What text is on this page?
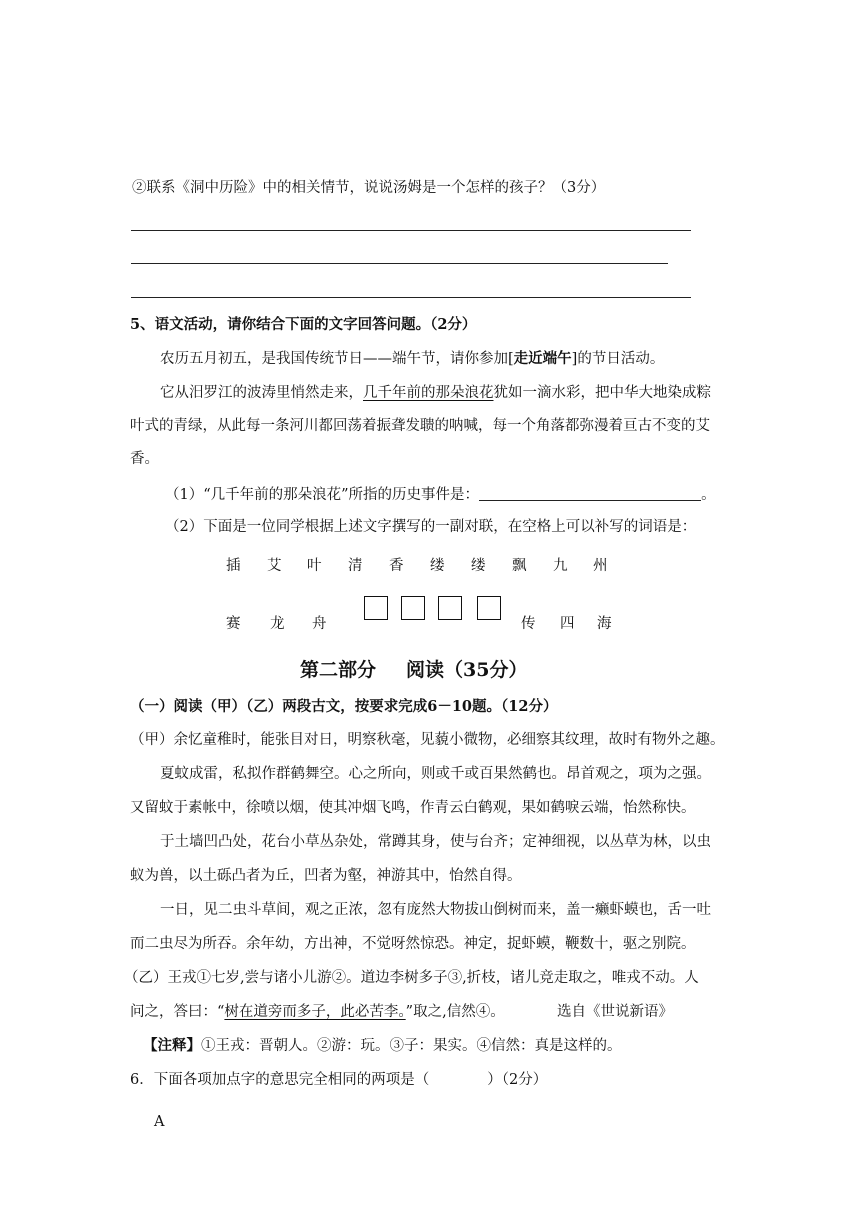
②联系《洞中历险》中的相关情节，说说汤姆是一个怎样的孩子？（3分）
5、语文活动，请你结合下面的文字回答问题。（2分）
农历五月初五，是我国传统节日——端午节，请你参加[走近端午]的节日活动。
它从汨罗江的波涛里悄然走来，几千年前的那朵浪花犹如一滴水彩，把中华大地染成粽
叶式的青绿，从此每一条河川都回荡着振聋发聩的呐喊，每一个角落都弥漫着亘古不变的艾
香。
（1）“几千年前的那朵浪花”所指的历史事件是：	。
（2）下面是一位同学根据上述文字撰写的一副对联，在空格上可以补写的词语是：
插 艾 叶 清 香 缕 缕 飘 九 州
赛 龙 舟	传 四 海
第二部分 阅读（35分）
（一）阅读（甲）（乙）两段古文，按要求完成6－10题。（12分）
（甲）余忆童稚时，能张目对日，明察秋毫，见藐小微物，必细察其纹理，故时有物外之趣。
夏蚊成雷，私拟作群鹤舞空。心之所向，则或千或百果然鹤也。昂首观之，项为之强。
又留蚊于素帐中，徐喷以烟，使其冲烟飞鸣，作青云白鹤观，果如鹤唳云端，怡然称快。
于土墙凹凸处，花台小草丛杂处，常蹲其身，使与台齐；定神细视，以丛草为林，以虫
蚁为兽，以土砾凸者为丘，凹者为壑，神游其中，怡然自得。
一日，见二虫斗草间，观之正浓，忽有庞然大物拔山倒树而来，盖一癞虾蟆也，舌一吐
而二虫尽为所吞。余年幼，方出神，不觉呀然惊恐。神定，捉虾蟆，鞭数十，驱之别院。
（乙）王戎①七岁,尝与诸小儿游②。道边李树多子③,折枝，诸儿竞走取之，唯戎不动。人
问之，答曰：“树在道旁而多子，此必苦李。”取之,信然④。	选自《世说新语》
【注释】①王戎：晋朝人。②游：玩。③子：果实。④信然：真是这样的。
6．下面各项加点字的意思完全相同的两项是（　　　　）（2分）
A
